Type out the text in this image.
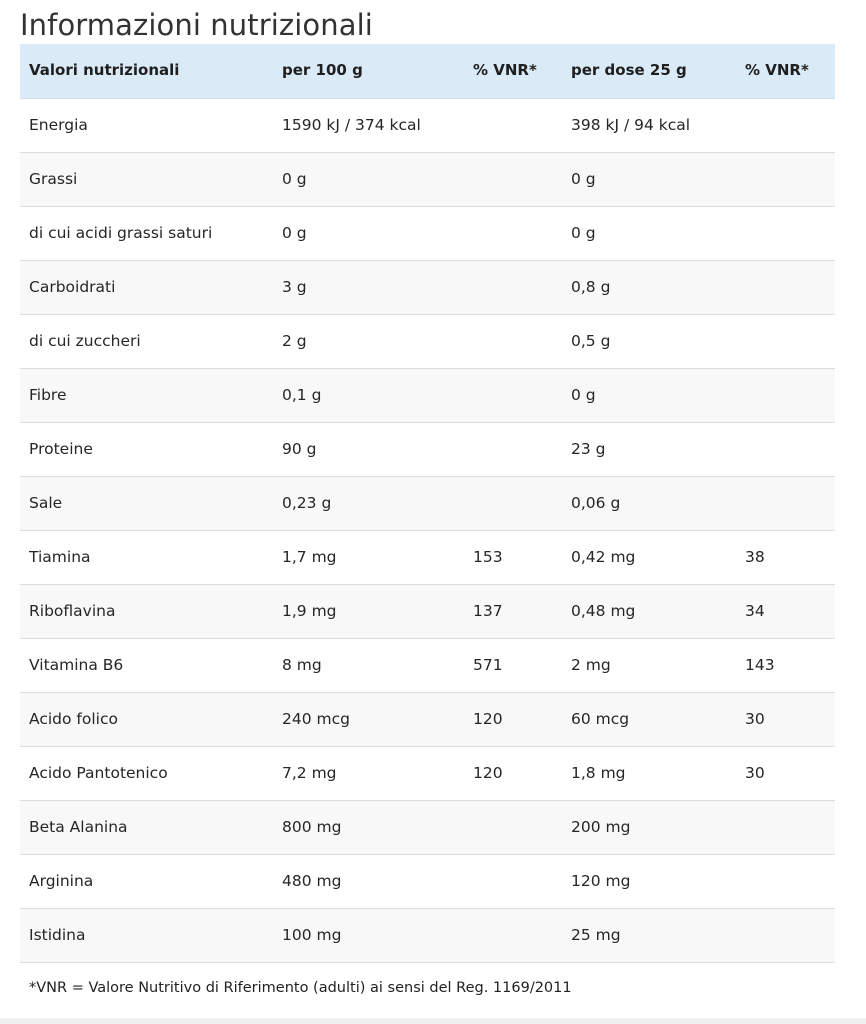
Informazioni nutrizionali
Valori nutrizionali	per 100 g	% VNR*	per dose 25 g	% VNR*
Energia	1590 kJ / 374 kcal		398 kJ / 94 kcal	
Grassi	0 g		0 g	
di cui acidi grassi saturi	0 g		0 g	
Carboidrati	3 g		0,8 g	
di cui zuccheri	2 g		0,5 g	
Fibre	0,1 g		0 g	
Proteine	90 g		23 g	
Sale	0,23 g		0,06 g	
Tiamina	1,7 mg	153	0,42 mg	38
Riboflavina	1,9 mg	137	0,48 mg	34
Vitamina B6	8 mg	571	2 mg	143
Acido folico	240 mcg	120	60 mcg	30
Acido Pantotenico	7,2 mg	120	1,8 mg	30
Beta Alanina	800 mg		200 mg	
Arginina	480 mg		120 mg	
Istidina	100 mg		25 mg	

*VNR = Valore Nutritivo di Riferimento (adulti) ai sensi del Reg. 1169/2011
